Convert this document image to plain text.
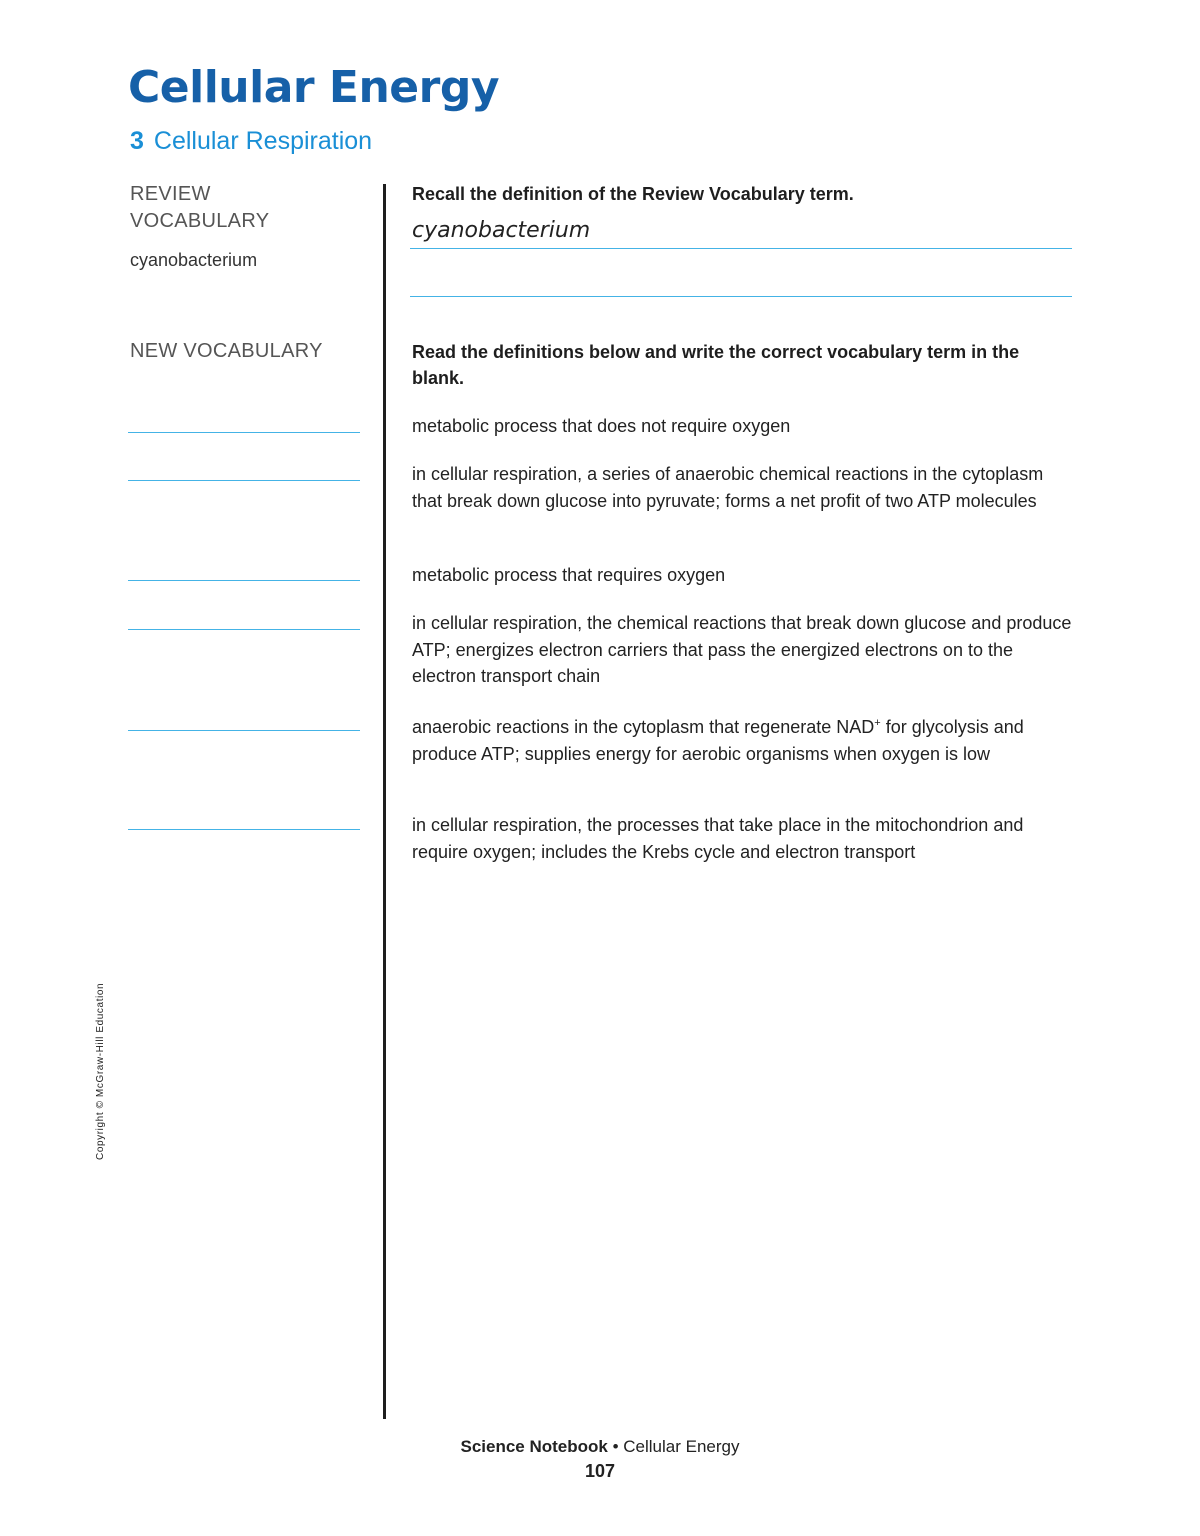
Cellular Energy
3 Cellular Respiration
REVIEW
VOCABULARY
cyanobacterium

Recall the definition of the Review Vocabulary term.

cyanobacterium
NEW VOCABULARY	Read the definitions below and write the correct vocabulary term in the blank.

metabolic process that does not require oxygen

in cellular respiration, a series of anaerobic chemical reactions in the cytoplasm that break down glucose into pyruvate; forms a net profit of two ATP molecules

metabolic process that requires oxygen

in cellular respiration, the chemical reactions that break down glucose and produce ATP; energizes electron carriers that pass the energized electrons on to the electron transport chain

anaerobic reactions in the cytoplasm that regenerate NAD+ for glycolysis and produce ATP; supplies energy for aerobic organisms when oxygen is low

in cellular respiration, the processes that take place in the mitochondrion and require oxygen; includes the Krebs cycle and electron transport

Copyright © McGraw-Hill Education
Science Notebook • Cellular Energy
107
